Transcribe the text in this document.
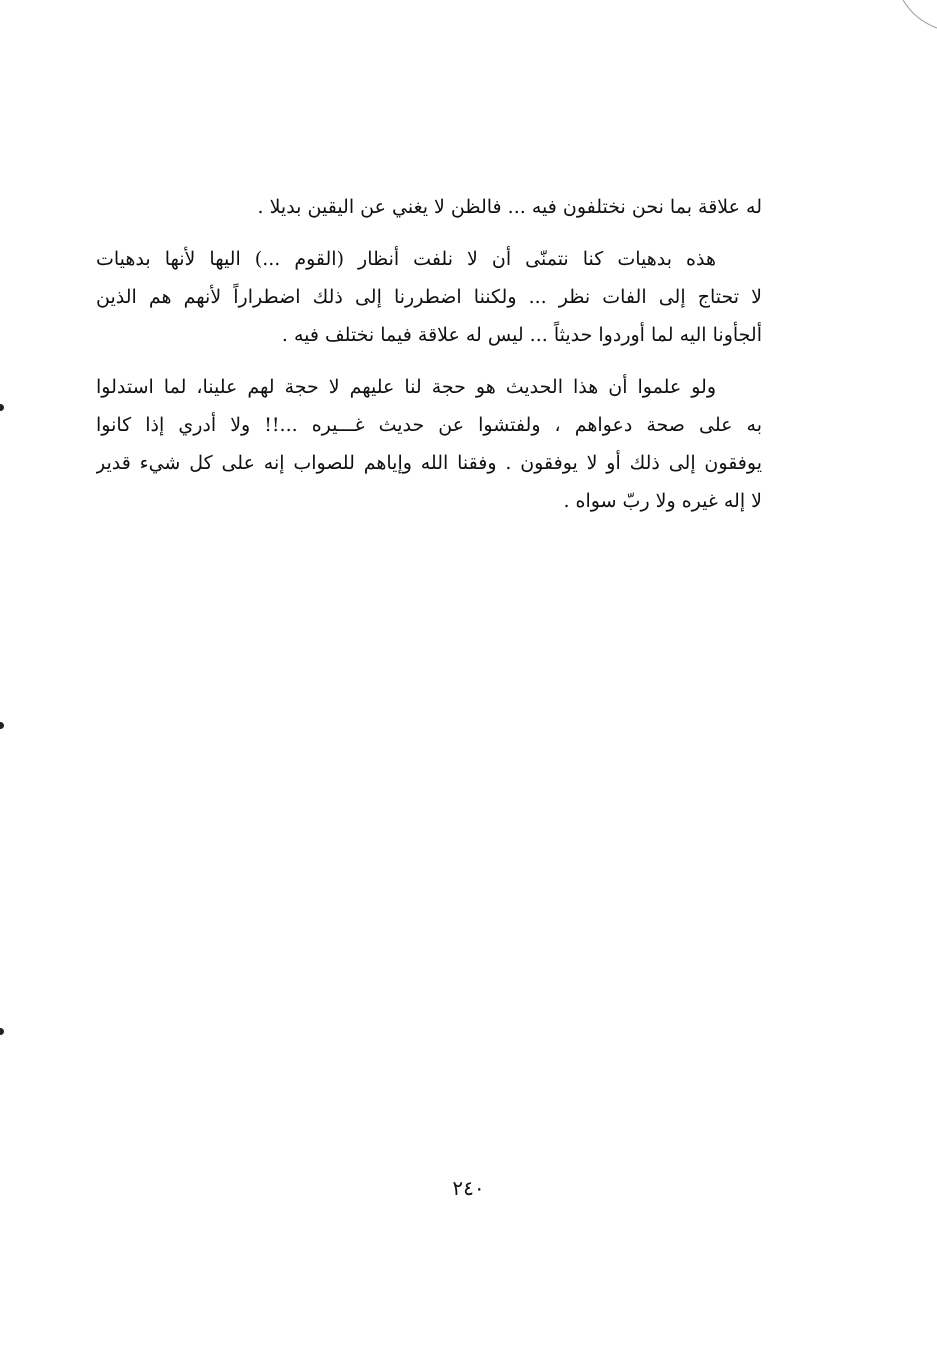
له علاقة بما نحن نختلفون فيه ... فالظن لا يغني عن اليقين بديلا .
هذه بدهيات كنا نتمنّى أن لا نلفت أنظار (القوم ...) اليها لأنها بدهيات
لا تحتاج إلى الفات نظر ... ولكننا اضطررنا إلى ذلك اضطراراً لأنهم هم الذين
ألجأونا اليه لما أوردوا حديثاً ... ليس له علاقة فيما نختلف فيه .
ولو علموا أن هذا الحديث هو حجة لنا عليهم لا حجة لهم علينا، لما استدلوا
به على صحة دعواهم ، ولفتشوا عن حديث غـــيره ...!! ولا أدري إذا كانوا
يوفقون إلى ذلك أو لا يوفقون . وفقنا الله وإياهم للصواب إنه على كل شيء قدير
لا إله غيره ولا ربّ سواه .
٢٤٠
